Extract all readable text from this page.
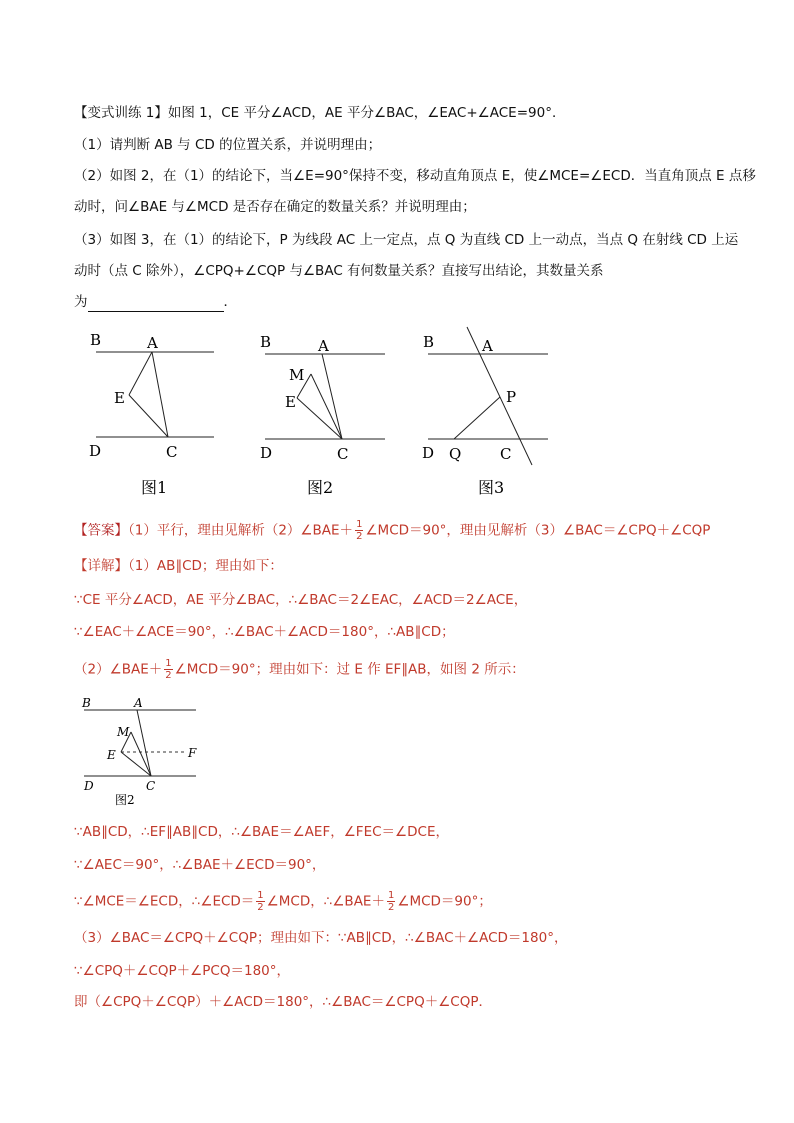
【变式训练 1】如图 1，CE 平分∠ACD，AE 平分∠BAC，∠EAC+∠ACE=90°．
（1）请判断 AB 与 CD 的位置关系，并说明理由；
（2）如图 2，在（1）的结论下，当∠E=90°保持不变，移动直角顶点 E，使∠MCE=∠ECD．当直角顶点 E 点移
动时，问∠BAE 与∠MCD 是否存在确定的数量关系？并说明理由；
（3）如图 3，在（1）的结论下，P 为线段 AC 上一定点，点 Q 为直线 CD 上一动点，当点 Q 在射线 CD 上运
动时（点 C 除外），∠CPQ+∠CQP 与∠BAC 有何数量关系？直接写出结论，其数量关系
为	．
B	A
E
D	C
图1
B	A
M
E
D	C
图2
B	A
P
D Q	C
图3
【答案】（1）平行，理由见解析（2）∠BAE＋ $\frac{1}{2}$ ∠MCD＝90°，理由见解析（3）∠BAC＝∠CPQ＋∠CQP
【详解】（1）AB∥CD；理由如下：
∵CE 平分∠ACD，AE 平分∠BAC，∴∠BAC＝2∠EAC，∠ACD＝2∠ACE，
∵∠EAC＋∠ACE＝90°，∴∠BAC＋∠ACD＝180°，∴AB∥CD；
（2）∠BAE＋ $\frac{1}{2}$ ∠MCD＝90°；理由如下：过 E 作 EF∥AB，如图 2 所示：
B	A
M
E	F
D	C
图2
∵AB∥CD，∴EF∥AB∥CD，∴∠BAE＝∠AEF，∠FEC＝∠DCE，
∵∠AEC＝90°，∴∠BAE＋∠ECD＝90°，
∵∠MCE＝∠ECD，∴∠ECD＝ $\frac{1}{2}$ ∠MCD，∴∠BAE＋ $\frac{1}{2}$ ∠MCD＝90°；
（3）∠BAC＝∠CPQ＋∠CQP；理由如下：∵AB∥CD，∴∠BAC＋∠ACD＝180°，
∵∠CPQ＋∠CQP＋∠PCQ＝180°，
即（∠CPQ＋∠CQP）＋∠ACD＝180°，∴∠BAC＝∠CPQ＋∠CQP．
